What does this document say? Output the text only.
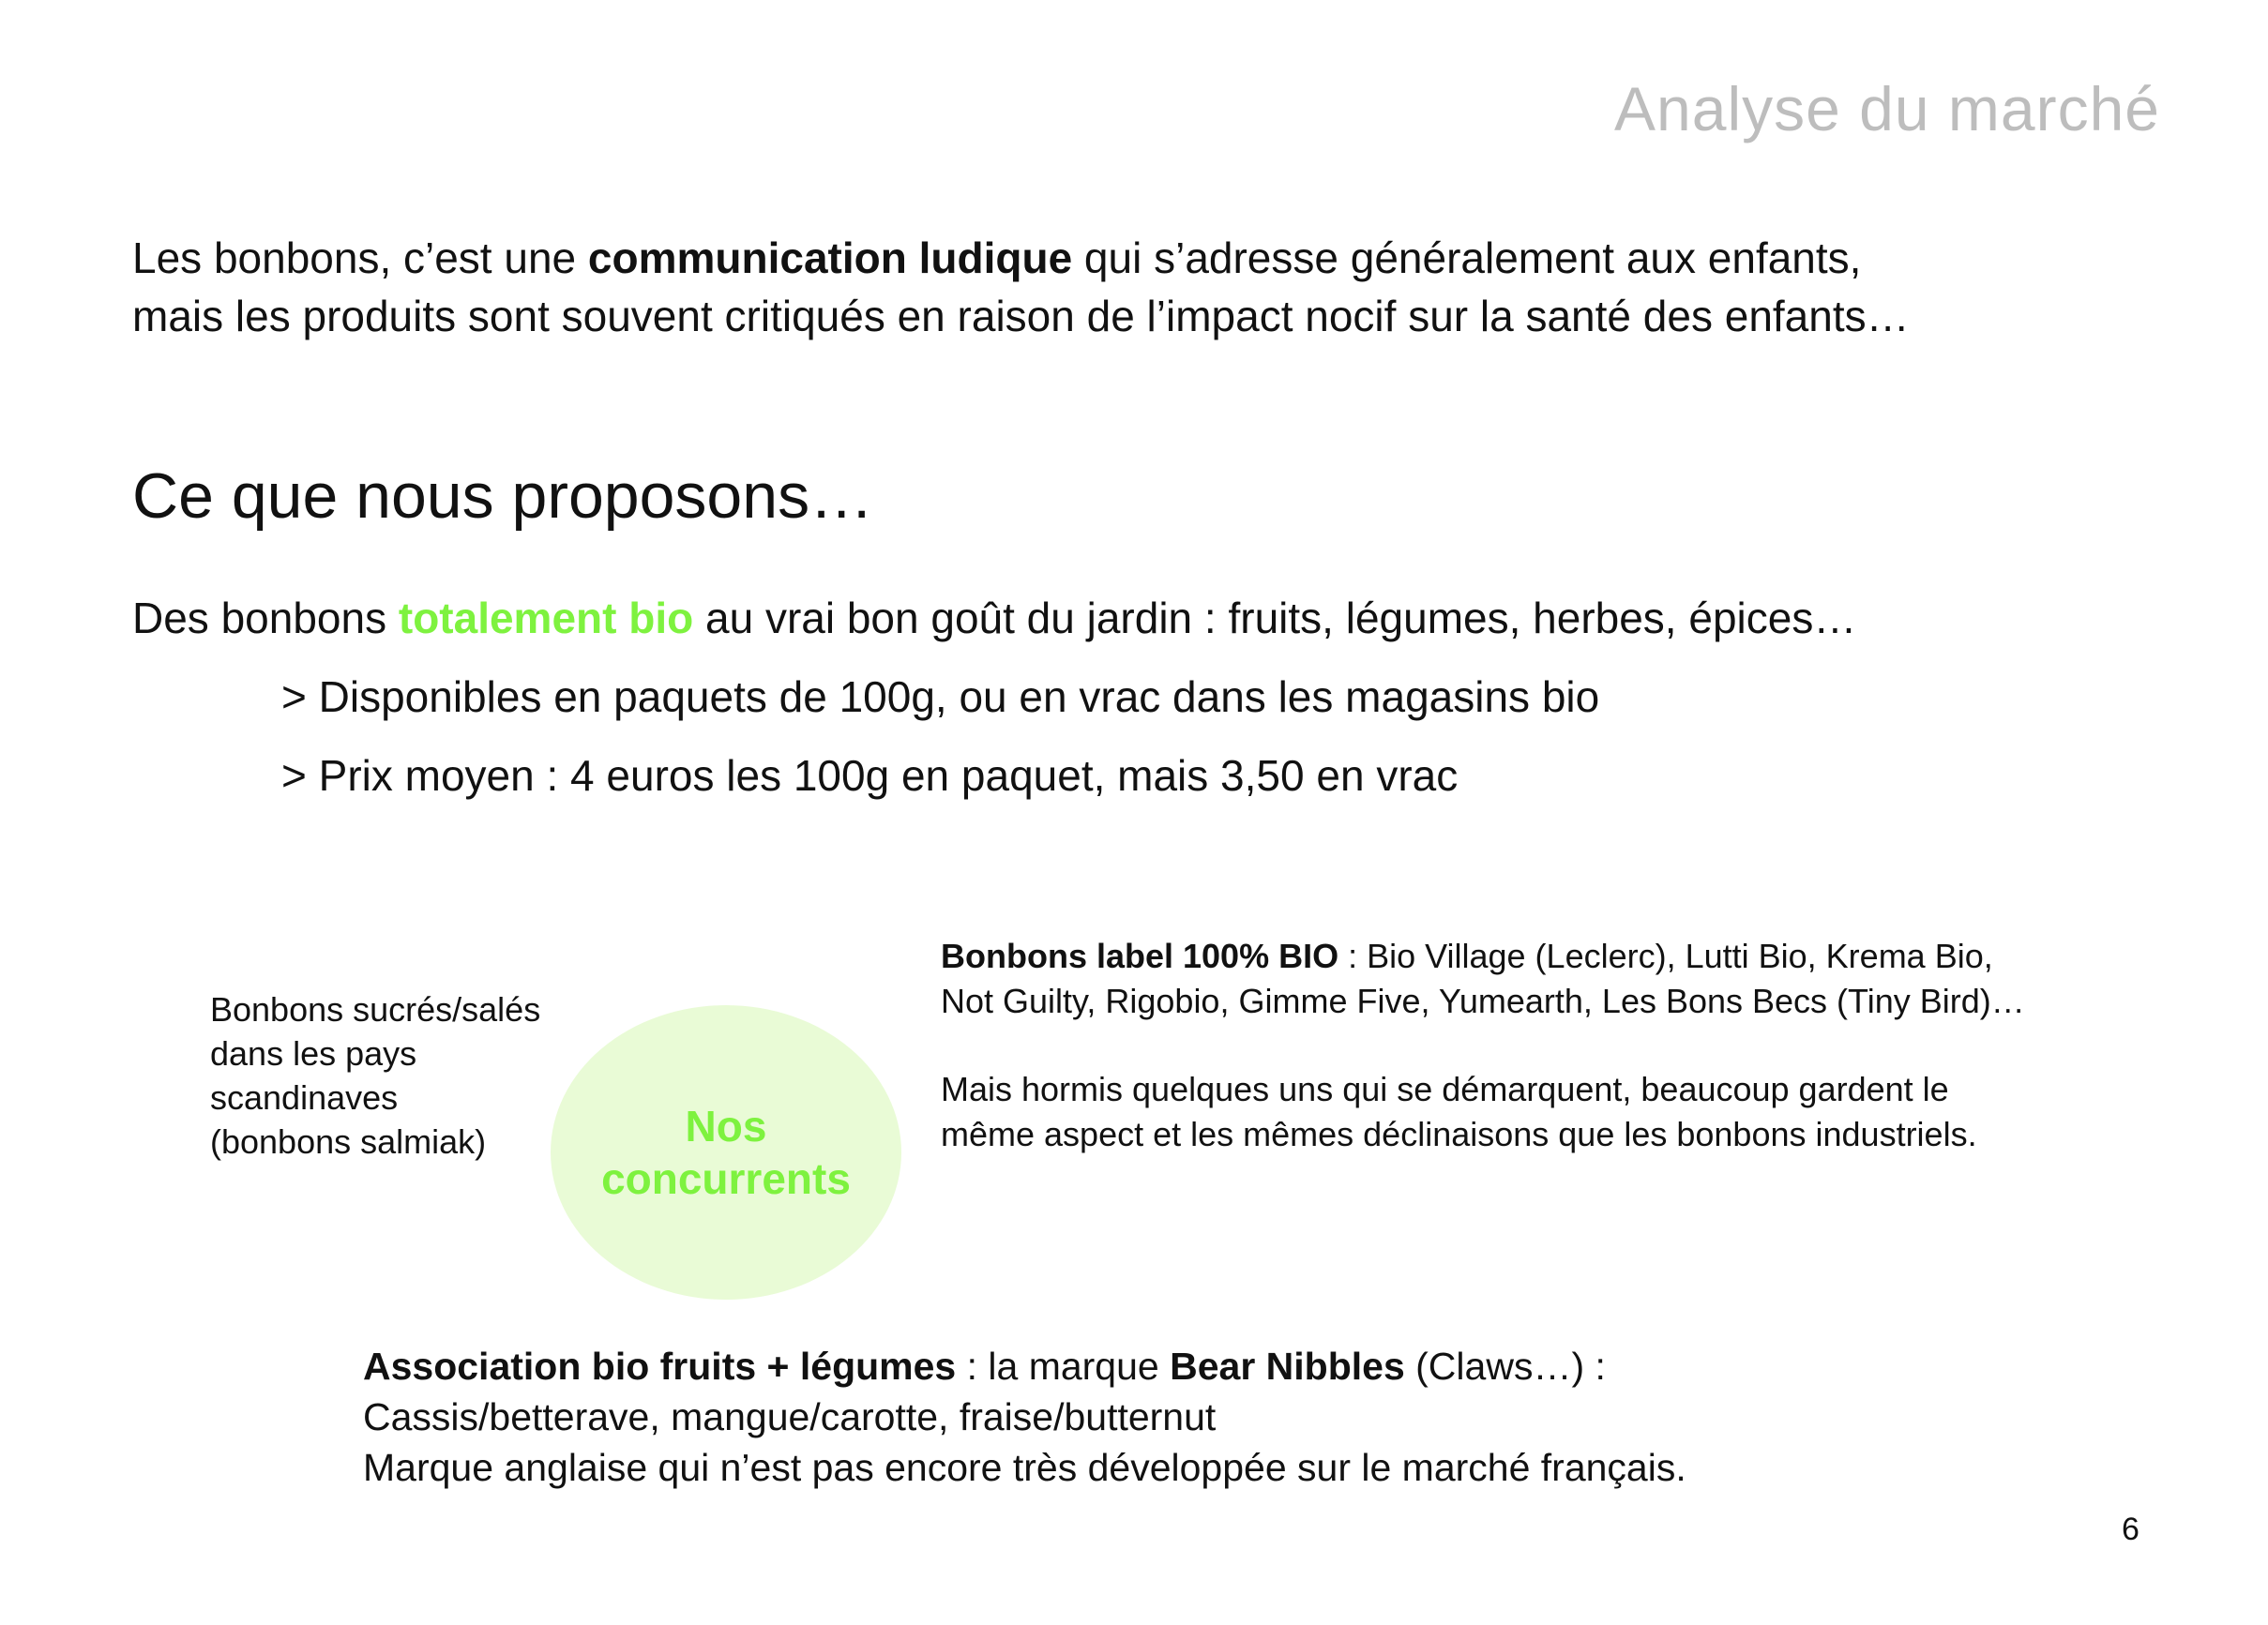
Analyse du marché
Les bonbons, c’est une communication ludique qui s’adresse généralement aux enfants,
mais les produits sont souvent critiqués en raison de l’impact nocif sur la santé des enfants…
Ce que nous proposons…
Des bonbons totalement bio au vrai bon goût du jardin : fruits, légumes, herbes, épices…
> Disponibles en paquets de 100g, ou en vrac dans les magasins bio
> Prix moyen : 4 euros les 100g en paquet, mais 3,50 en vrac
Bonbons sucrés/salés
dans les pays
scandinaves
(bonbons salmiak)	Nos
concurrents
Bonbons label 100% BIO : Bio Village (Leclerc), Lutti Bio, Krema Bio,
Not Guilty, Rigobio, Gimme Five, Yumearth, Les Bons Becs (Tiny Bird)…
Mais hormis quelques uns qui se démarquent, beaucoup gardent le
même aspect et les mêmes déclinaisons que les bonbons industriels.
Association bio fruits + légumes : la marque Bear Nibbles (Claws…) :
Cassis/betterave, mangue/carotte, fraise/butternut
Marque anglaise qui n’est pas encore très développée sur le marché français.
6
